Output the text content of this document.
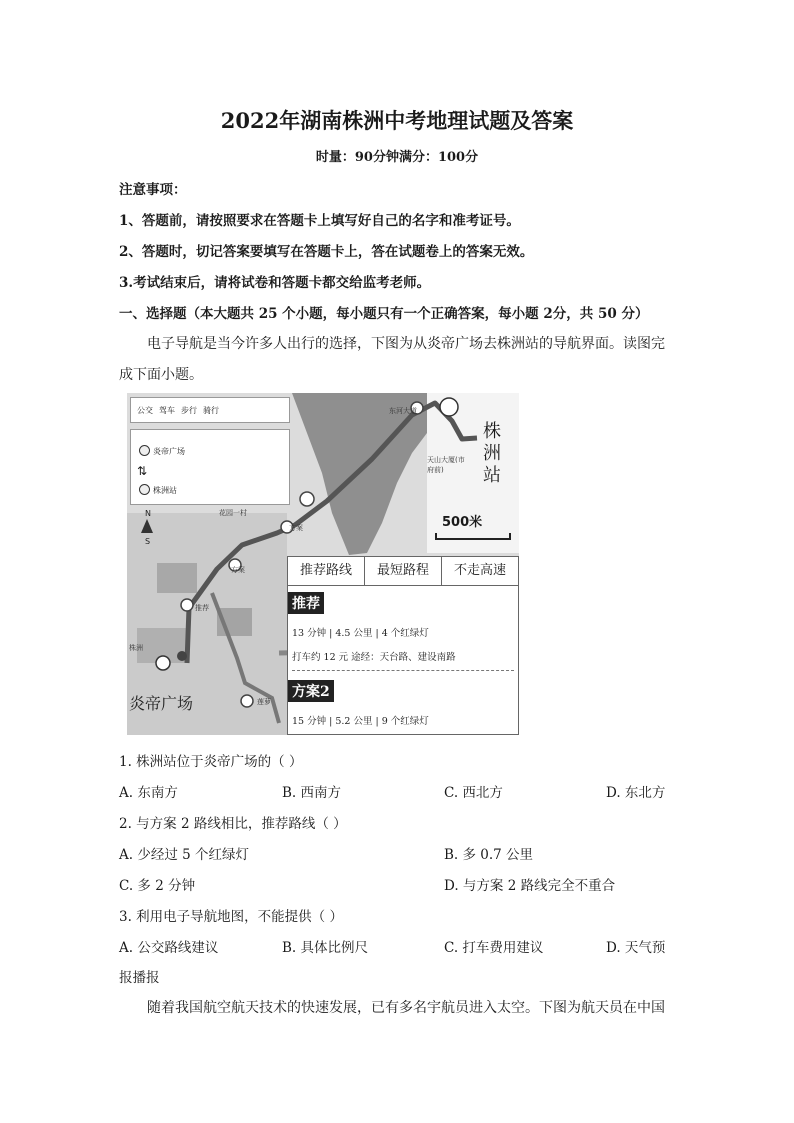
2022年湖南株洲中考地理试题及答案
时量：90分钟满分：100分
注意事项：
1、答题前，请按照要求在答题卡上填写好自己的名字和准考证号。
2、答题时，切记答案要填写在答题卡上，答在试题卷上的答案无效。
3.考试结束后，请将试卷和答题卡都交给监考老师。
一、选择题（本大题共 25 个小题，每小题只有一个正确答案，每小题 2分，共 50 分）
电子导航是当今许多人出行的选择，下图为从炎帝广场去株洲站的导航界面。读图完
成下面小题。
公交 驾车 步行 骑行
炎帝广场
⇅
株洲站
N
S
东河大道
天山大厦(市府前)
花园一村
方案
方案
推荐
株洲
莲萝
株洲站
500米
炎帝广场
推荐路线	最短路程	不走高速
推荐
13 分钟 | 4.5 公里 | 4 个红绿灯
打车约 12 元 途经：天台路、建设南路
方案2
15 分钟 | 5.2 公里 | 9 个红绿灯
1. 株洲站位于炎帝广场的（ ）
A. 东南方	B. 西南方	C. 西北方	D. 东北方
2. 与方案 2 路线相比，推荐路线（ ）
A. 少经过 5 个红绿灯	B. 多 0.7 公里
C. 多 2 分钟	D. 与方案 2 路线完全不重合
3. 利用电子导航地图，不能提供（ ）
A. 公交路线建议	B. 具体比例尺	C. 打车费用建议	D. 天气预
报播报
随着我国航空航天技术的快速发展，已有多名宇航员进入太空。下图为航天员在中国
